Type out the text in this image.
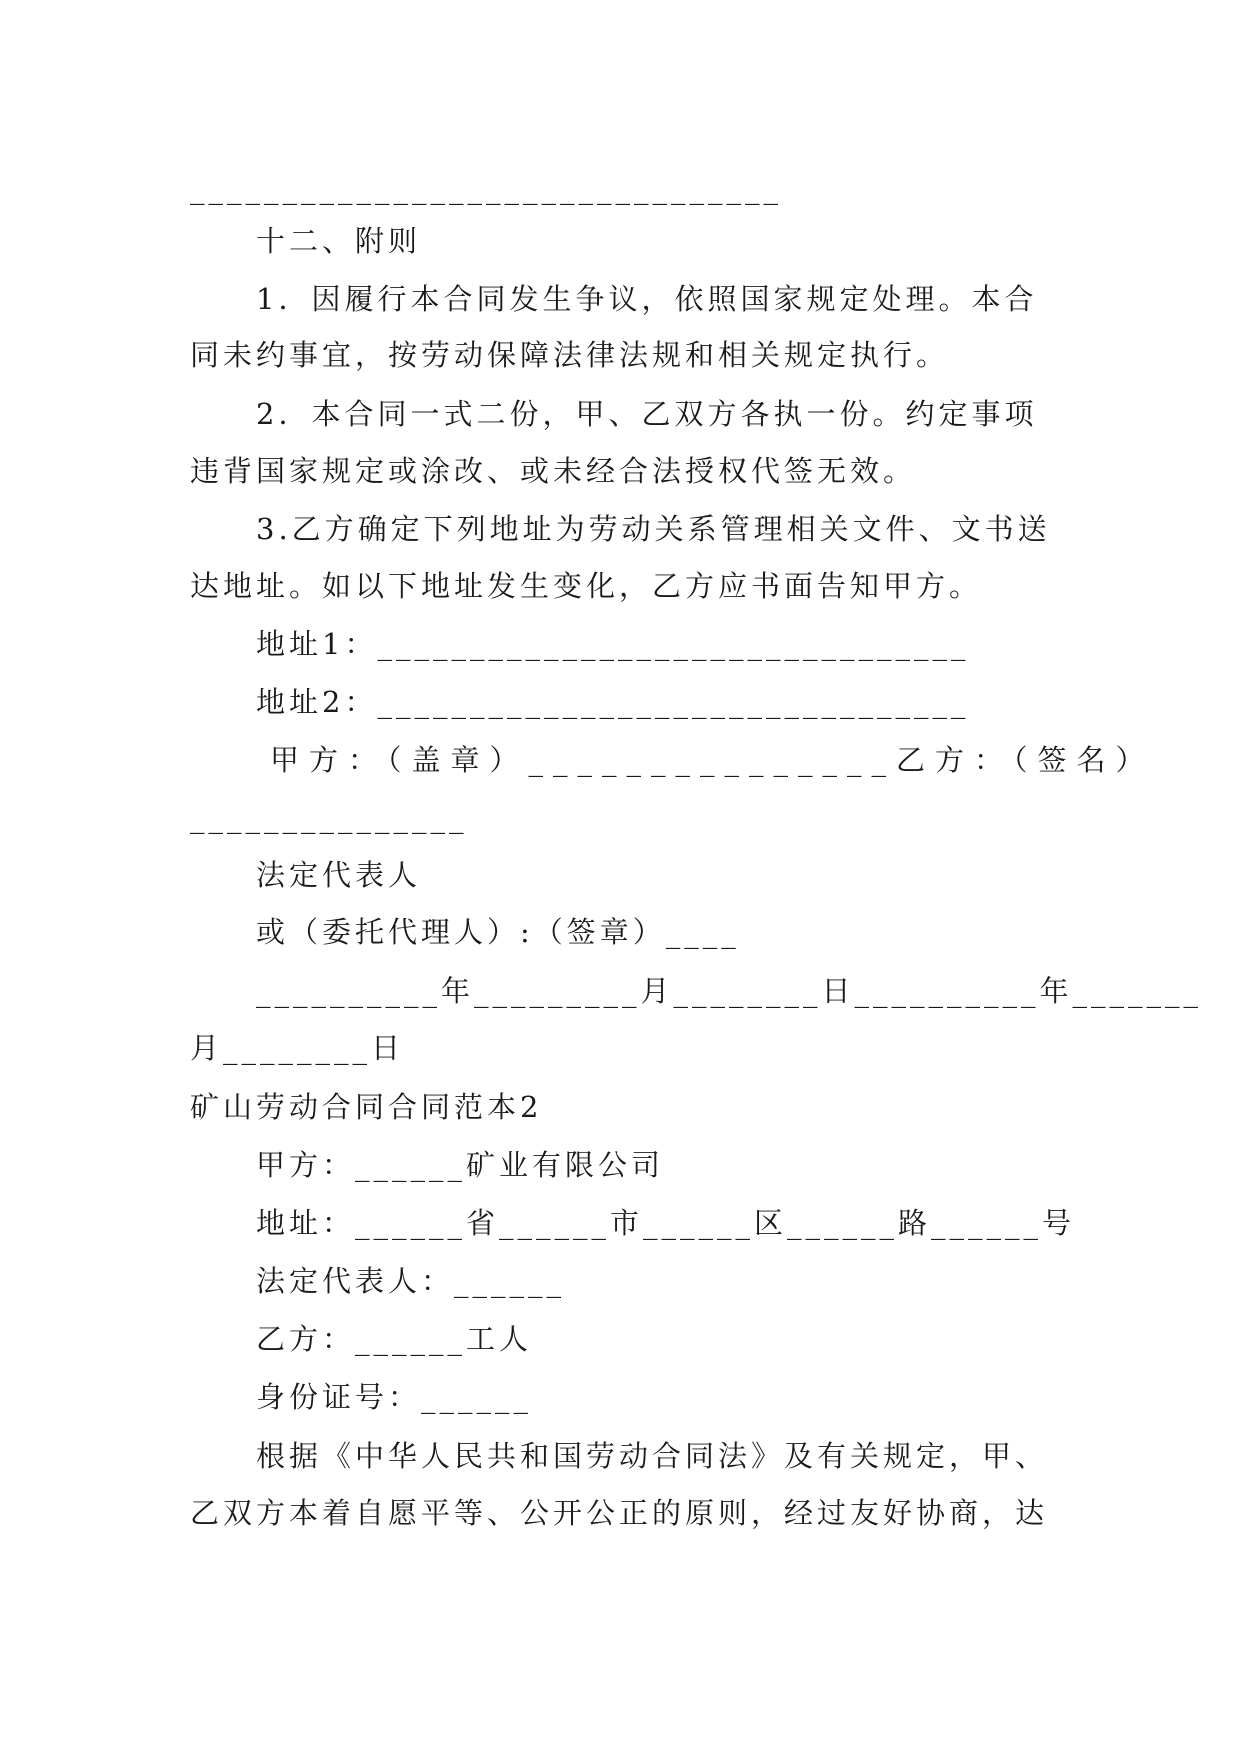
________________________________
十二、附则
1．因履行本合同发生争议，依照国家规定处理。本合
同未约事宜，按劳动保障法律法规和相关规定执行。
2．本合同一式二份，甲、乙双方各执一份。约定事项
违背国家规定或涂改、或未经合法授权代签无效。
3.乙方确定下列地址为劳动关系管理相关文件、文书送
达地址。如以下地址发生变化，乙方应书面告知甲方。
地址1：________________________________
地址2：________________________________
甲方：（盖章）_______________乙方：（签名）
_______________
法定代表人
或（委托代理人）:（签章）____
__________年_________月________日__________年_______
月________日
矿山劳动合同合同范本2
甲方：______矿业有限公司
地址：______省______市______区______路______号
法定代表人：______
乙方：______工人
身份证号：______
根据《中华人民共和国劳动合同法》及有关规定，甲、
乙双方本着自愿平等、公开公正的原则，经过友好协商，达
